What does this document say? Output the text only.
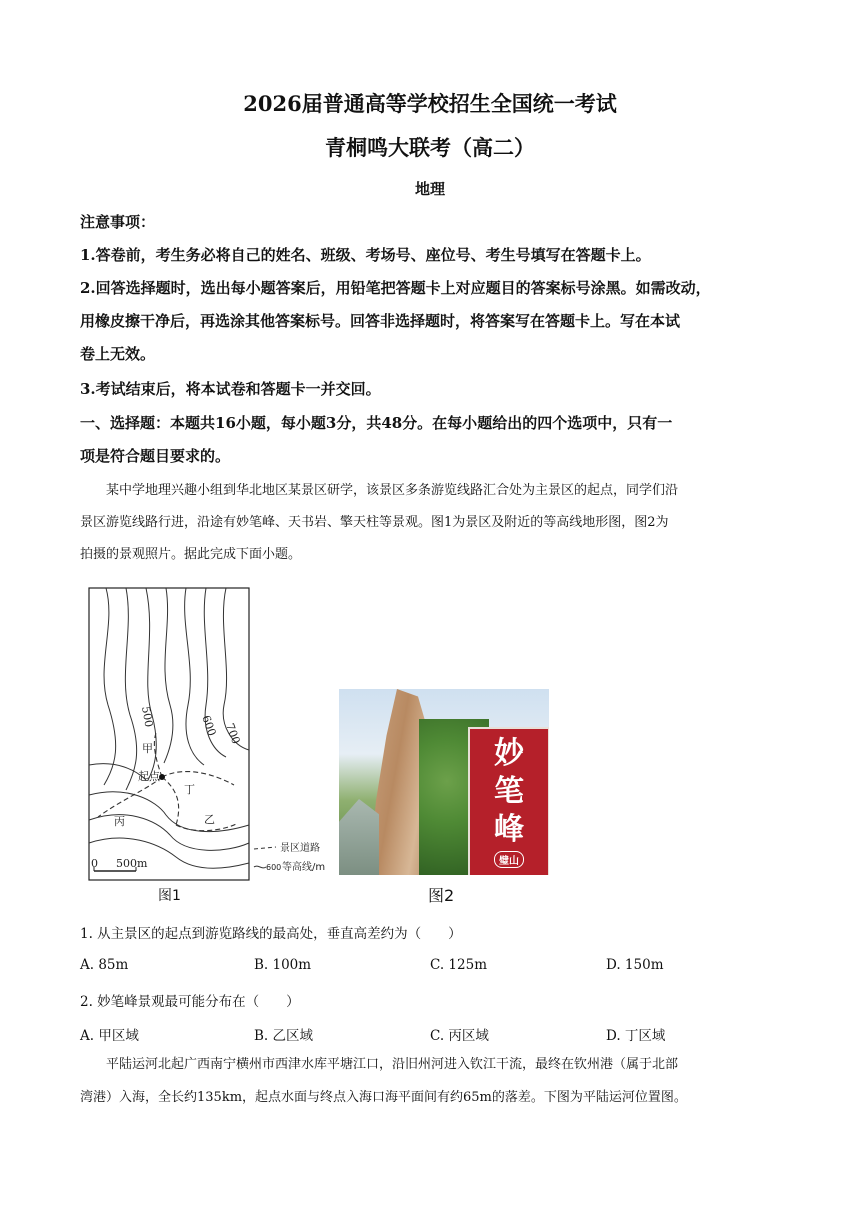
2026届普通高等学校招生全国统一考试
青桐鸣大联考（高二）
地理
注意事项：
1.答卷前，考生务必将自己的姓名、班级、考场号、座位号、考生号填写在答题卡上。
2.回答选择题时，选出每小题答案后，用铅笔把答题卡上对应题目的答案标号涂黑。如需改动，
用橡皮擦干净后，再选涂其他答案标号。回答非选择题时，将答案写在答题卡上。写在本试
卷上无效。
3.考试结束后，将本试卷和答题卡一并交回。
一、选择题：本题共16小题，每小题3分，共48分。在每小题给出的四个选项中，只有一
项是符合题目要求的。
某中学地理兴趣小组到华北地区某景区研学，该景区多条游览线路汇合处为主景区的起点，同学们沿
景区游览线路行进，沿途有妙笔峰、天书岩、擎天柱等景观。图1为景区及附近的等高线地形图，图2为
拍摄的景观照片。据此完成下面小题。
500	600 700
甲
起点
丁
丙	乙
0 500m
景区道路
600 等高线/m
图1
妙
笔
峰
璧山
图2
1. 从主景区的起点到游览路线的最高处，垂直高差约为（　　）
A. 85m	B. 100m	C. 125m	D. 150m
2. 妙笔峰景观最可能分布在（　　）
A. 甲区域	B. 乙区域	C. 丙区域	D. 丁区域
平陆运河北起广西南宁横州市西津水库平塘江口，沿旧州河进入钦江干流，最终在钦州港（属于北部
湾港）入海，全长约135km，起点水面与终点入海口海平面间有约65m的落差。下图为平陆运河位置图。
